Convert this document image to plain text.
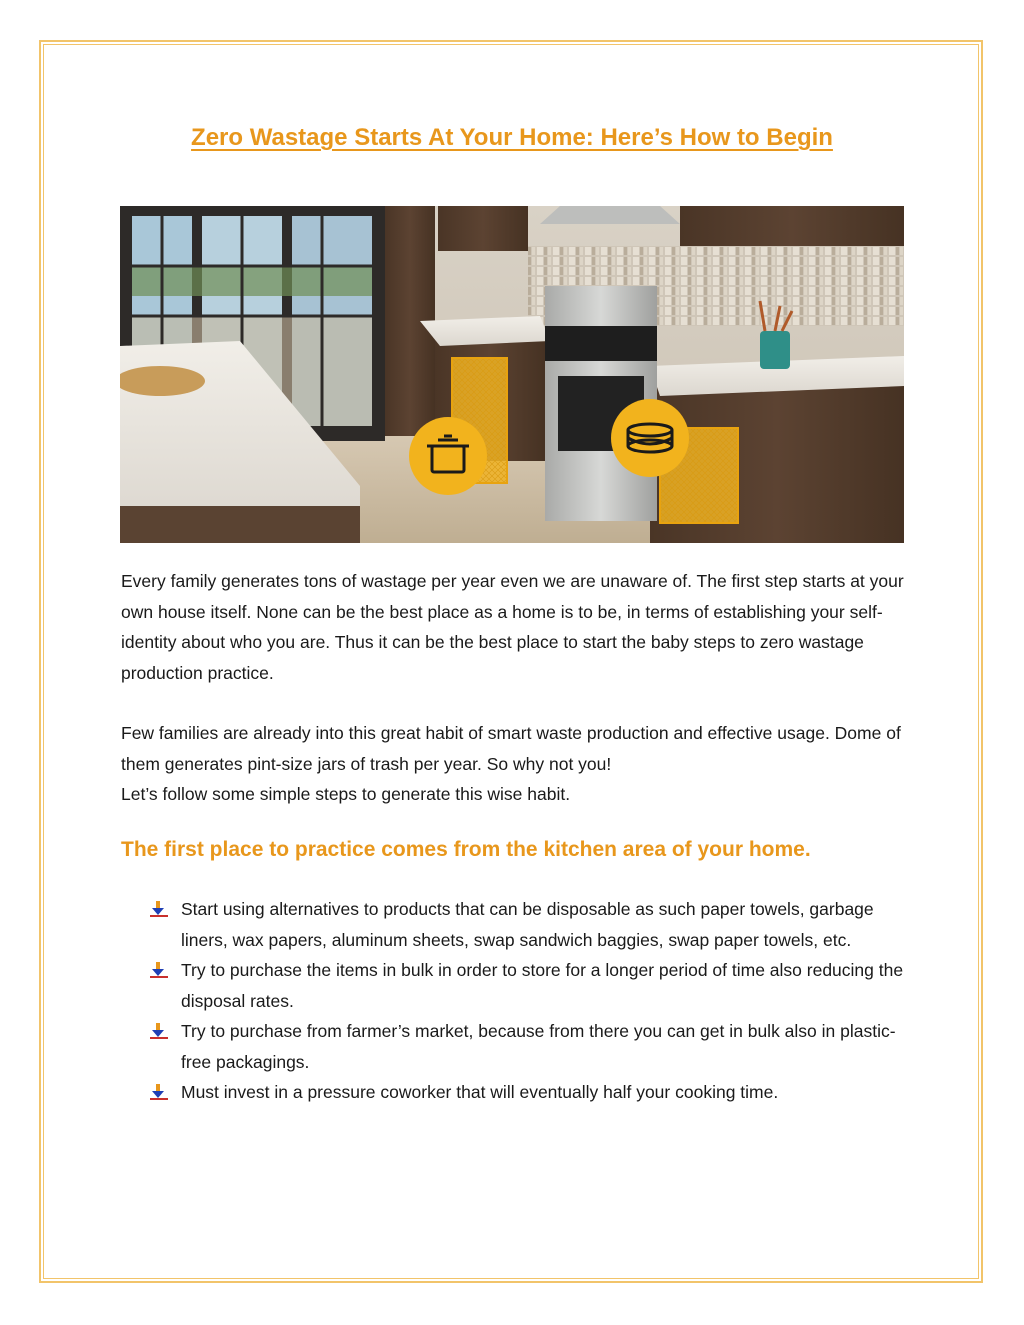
Zero Wastage Starts At Your Home: Here’s How to Begin

Every family generates tons of wastage per year even we are unaware of. The first step starts at your own house itself. None can be the best place as a home is to be, in terms of establishing your self-identity about who you are. Thus it can be the best place to start the baby steps to zero wastage production practice.

Few families are already into this great habit of smart waste production and effective usage. Dome of them generates pint-size jars of trash per year. So why not you!
Let’s follow some simple steps to generate this wise habit.
The first place to practice comes from the kitchen area of your home.
Start using alternatives to products that can be disposable as such paper towels, garbage liners, wax papers, aluminum sheets, swap sandwich baggies, swap paper towels, etc.
Try to purchase the items in bulk in order to store for a longer period of time also reducing the disposal rates.
Try to purchase from farmer’s market, because from there you can get in bulk also in plastic-free packagings.
Must invest in a pressure coworker that will eventually half your cooking time.
